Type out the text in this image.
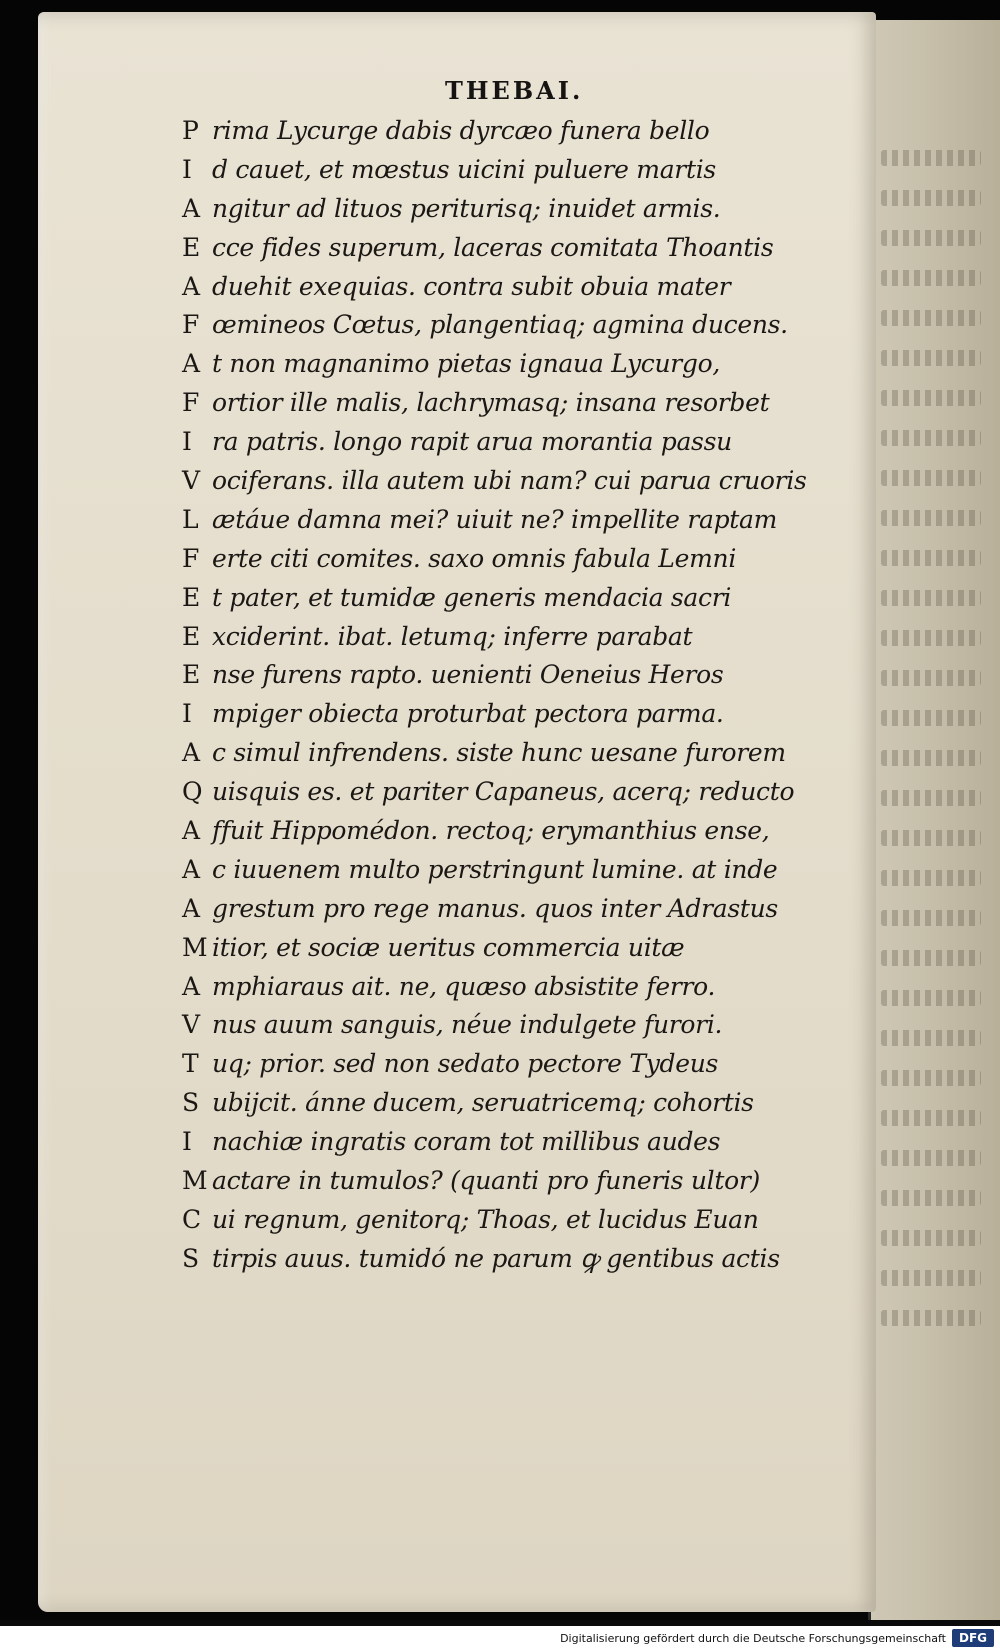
THEBAI.
P rima Lycurge dabis dyrcæo funera bello
I d cauet, et mœstus uicini puluere martis
A ngitur ad lituos periturisq; inuidet armis.
E cce fides superum, laceras comitata Thoantis
A duehit exequias. contra subit obuia mater
F œmineos Cœtus, plangentiaq; agmina ducens.
A t non magnanimo pietas ignaua Lycurgo,
F ortior ille malis, lachrymasq; insana resorbet
I ra patris. longo rapit arua morantia passu
V ociferans. illa autem ubi nam? cui parua cruoris
L ætáue damna mei? uiuit ne? impellite raptam
F erte citi comites. saxo omnis fabula Lemni
E t pater, et tumidæ generis mendacia sacri
E xciderint. ibat. letumq; inferre parabat
E nse furens rapto. uenienti Oeneius Heros
I mpiger obiecta proturbat pectora parma.
A c simul infrendens. siste hunc uesane furorem
Q uisquis es. et pariter Capaneus, acerq; reducto
A ffuit Hippomédon. rectoq; erymanthius ense,
A c iuuenem multo perstringunt lumine. at inde
A grestum pro rege manus. quos inter Adrastus
M itior, et sociæ ueritus commercia uitæ
A mphiaraus ait. ne, quæso absistite ferro.
V nus auum sanguis, néue indulgete furori.
T uq; prior. sed non sedato pectore Tydeus
S ubijcit. ánne ducem, seruatricemq; cohortis
I nachiæ ingratis coram tot millibus audes
M actare in tumulos? (quanti pro funeris ultor)
C ui regnum, genitorq; Thoas, et lucidus Euan
S tirpis auus. tumidó ne parum ꝙ gentibus actis
Digitalisierung gefördert durch die Deutsche Forschungsgemeinschaft	DFG
